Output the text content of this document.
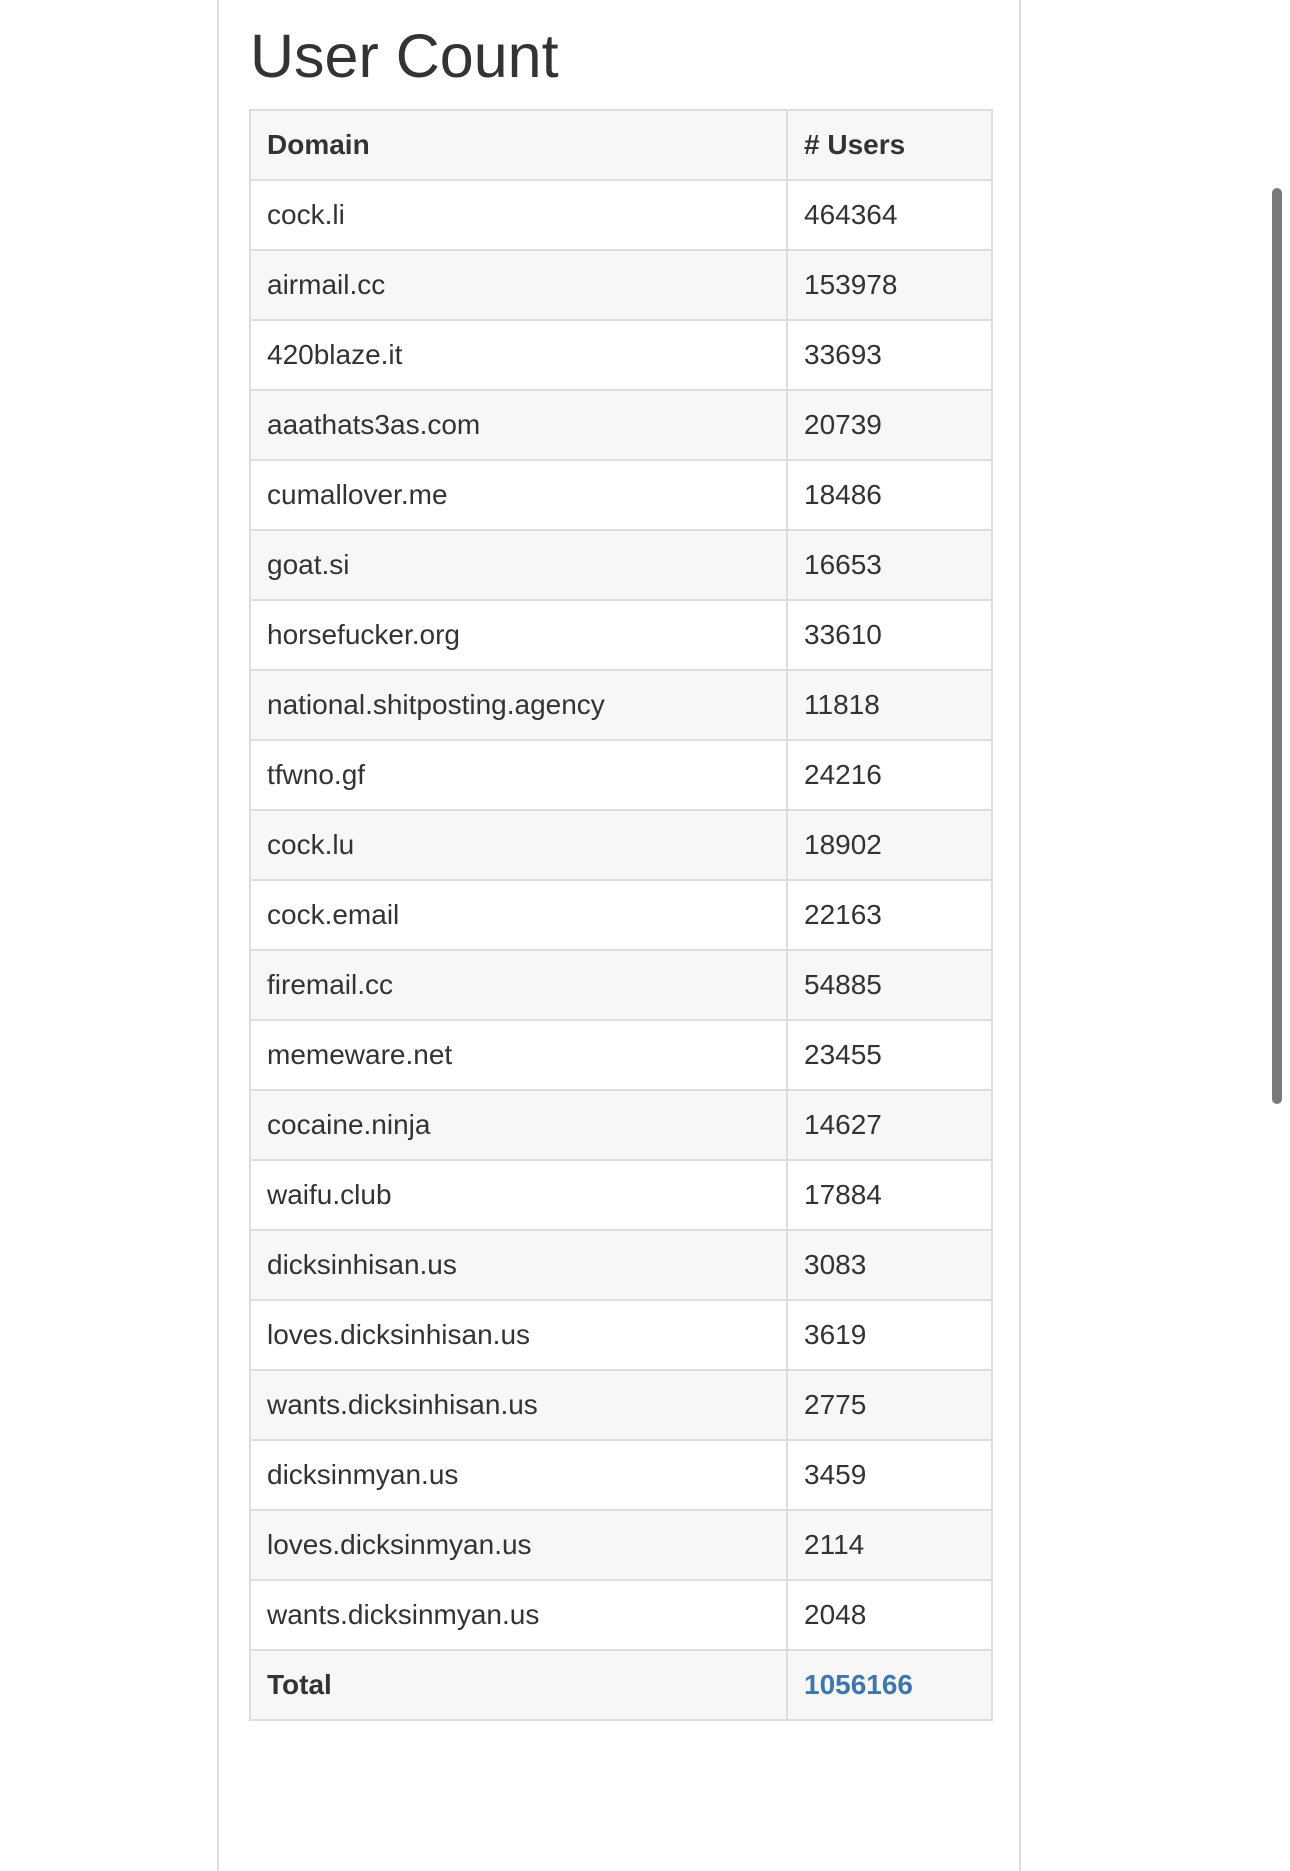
User Count
Domain	# Users
cock.li	464364
airmail.cc	153978
420blaze.it	33693
aaathats3as.com	20739
cumallover.me	18486
goat.si	16653
horsefucker.org	33610
national.shitposting.agency	11818
tfwno.gf	24216
cock.lu	18902
cock.email	22163
firemail.cc	54885
memeware.net	23455
cocaine.ninja	14627
waifu.club	17884
dicksinhisan.us	3083
loves.dicksinhisan.us	3619
wants.dicksinhisan.us	2775
dicksinmyan.us	3459
loves.dicksinmyan.us	2114
wants.dicksinmyan.us	2048
Total	1056166
